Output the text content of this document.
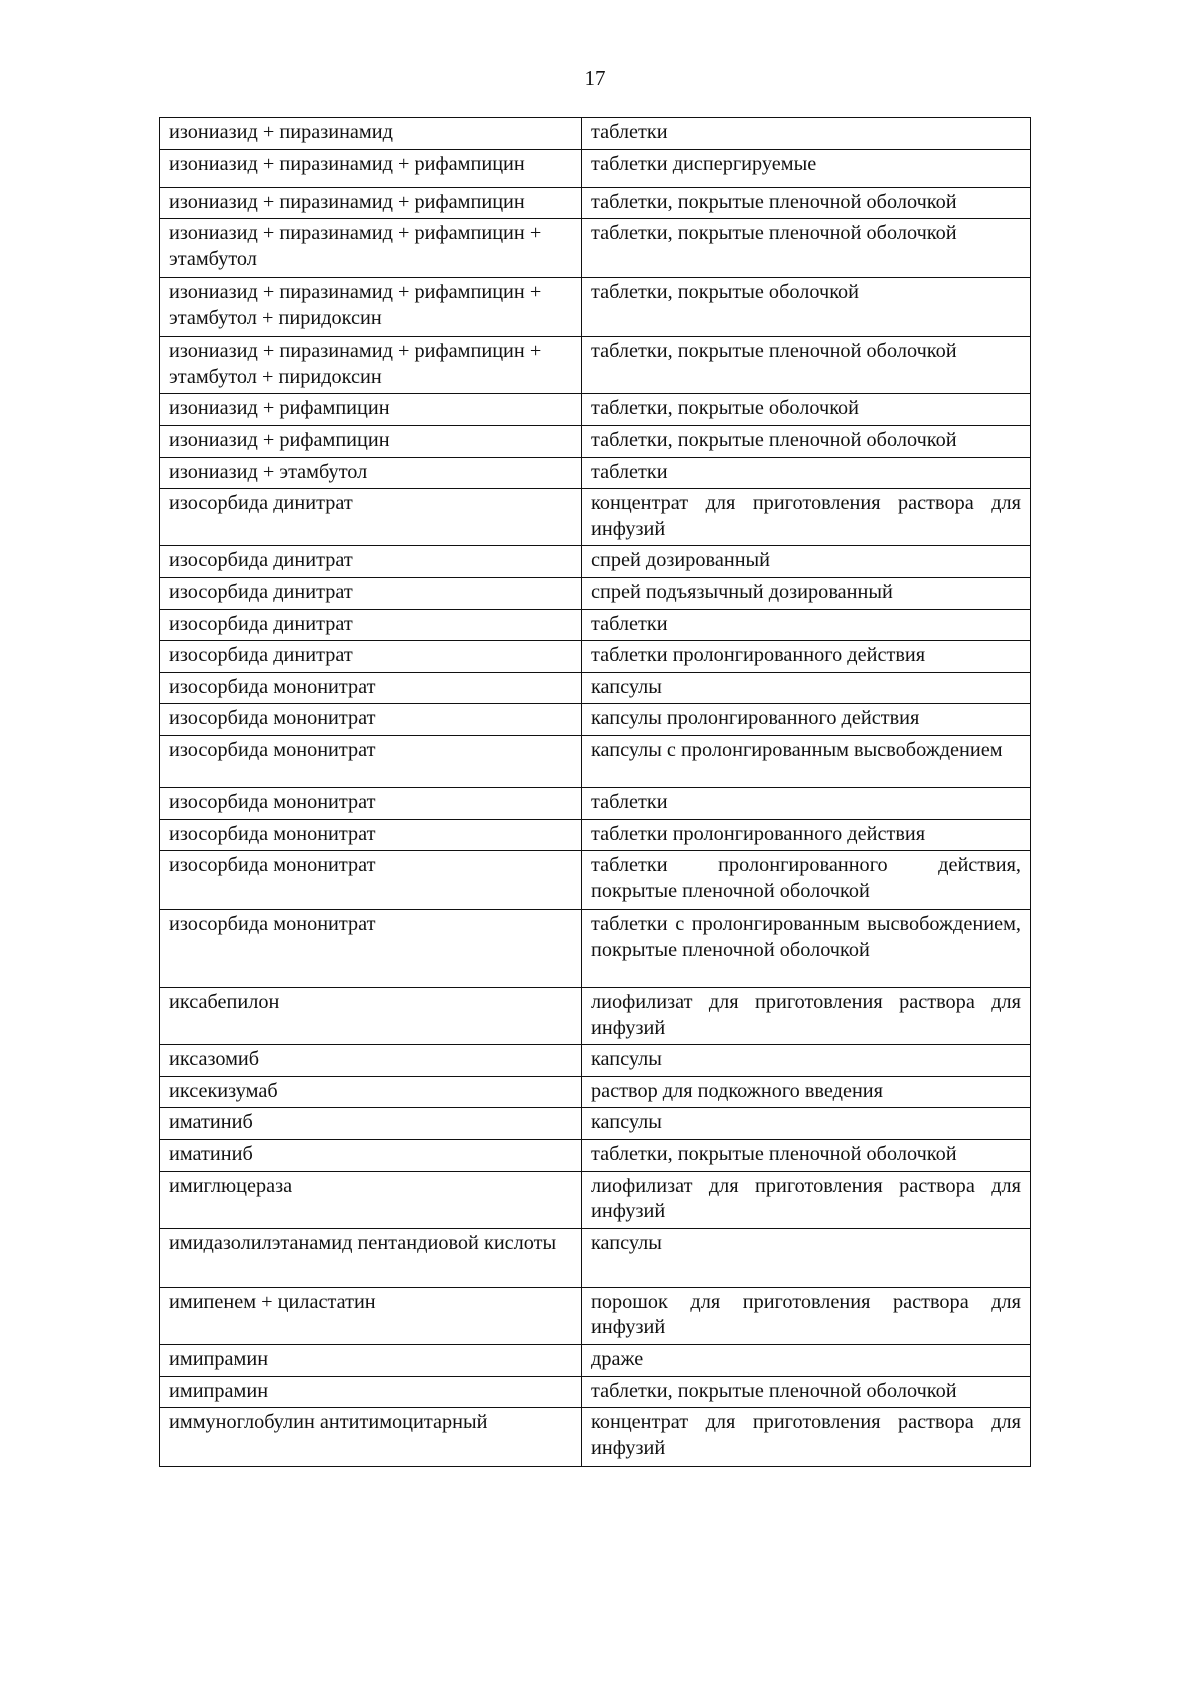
17
изониазид + пиразинамид	таблетки
изониазид + пиразинамид + рифампицин	таблетки диспергируемые
изониазид + пиразинамид + рифампицин	таблетки, покрытые пленочной оболочкой
изониазид + пиразинамид + рифампицин + этамбутол	таблетки, покрытые пленочной оболочкой
изониазид + пиразинамид + рифампицин + этамбутол + пиридоксин	таблетки, покрытые оболочкой
изониазид + пиразинамид + рифампицин + этамбутол + пиридоксин	таблетки, покрытые пленочной оболочкой
изониазид + рифампицин	таблетки, покрытые оболочкой
изониазид + рифампицин	таблетки, покрытые пленочной оболочкой
изониазид + этамбутол	таблетки
изосорбида динитрат	концентрат для приготовления раствора для инфузий
изосорбида динитрат	спрей дозированный
изосорбида динитрат	спрей подъязычный дозированный
изосорбида динитрат	таблетки
изосорбида динитрат	таблетки пролонгированного действия
изосорбида мононитрат	капсулы
изосорбида мононитрат	капсулы пролонгированного действия
изосорбида мононитрат	капсулы с пролонгированным высвобождением
изосорбида мононитрат	таблетки
изосорбида мононитрат	таблетки пролонгированного действия
изосорбида мононитрат	таблетки пролонгированного действия, покрытые пленочной оболочкой
изосорбида мононитрат	таблетки с пролонгированным высвобождением, покрытые пленочной оболочкой
иксабепилон	лиофилизат для приготовления раствора для инфузий
иксазомиб	капсулы
иксекизумаб	раствор для подкожного введения
иматиниб	капсулы
иматиниб	таблетки, покрытые пленочной оболочкой
имиглюцераза	лиофилизат для приготовления раствора для инфузий
имидазолилэтанамид пентандиовой кислоты	капсулы
имипенем + циластатин	порошок для приготовления раствора для инфузий
имипрамин	драже
имипрамин	таблетки, покрытые пленочной оболочкой
иммуноглобулин антитимоцитарный	концентрат для приготовления раствора для инфузий
